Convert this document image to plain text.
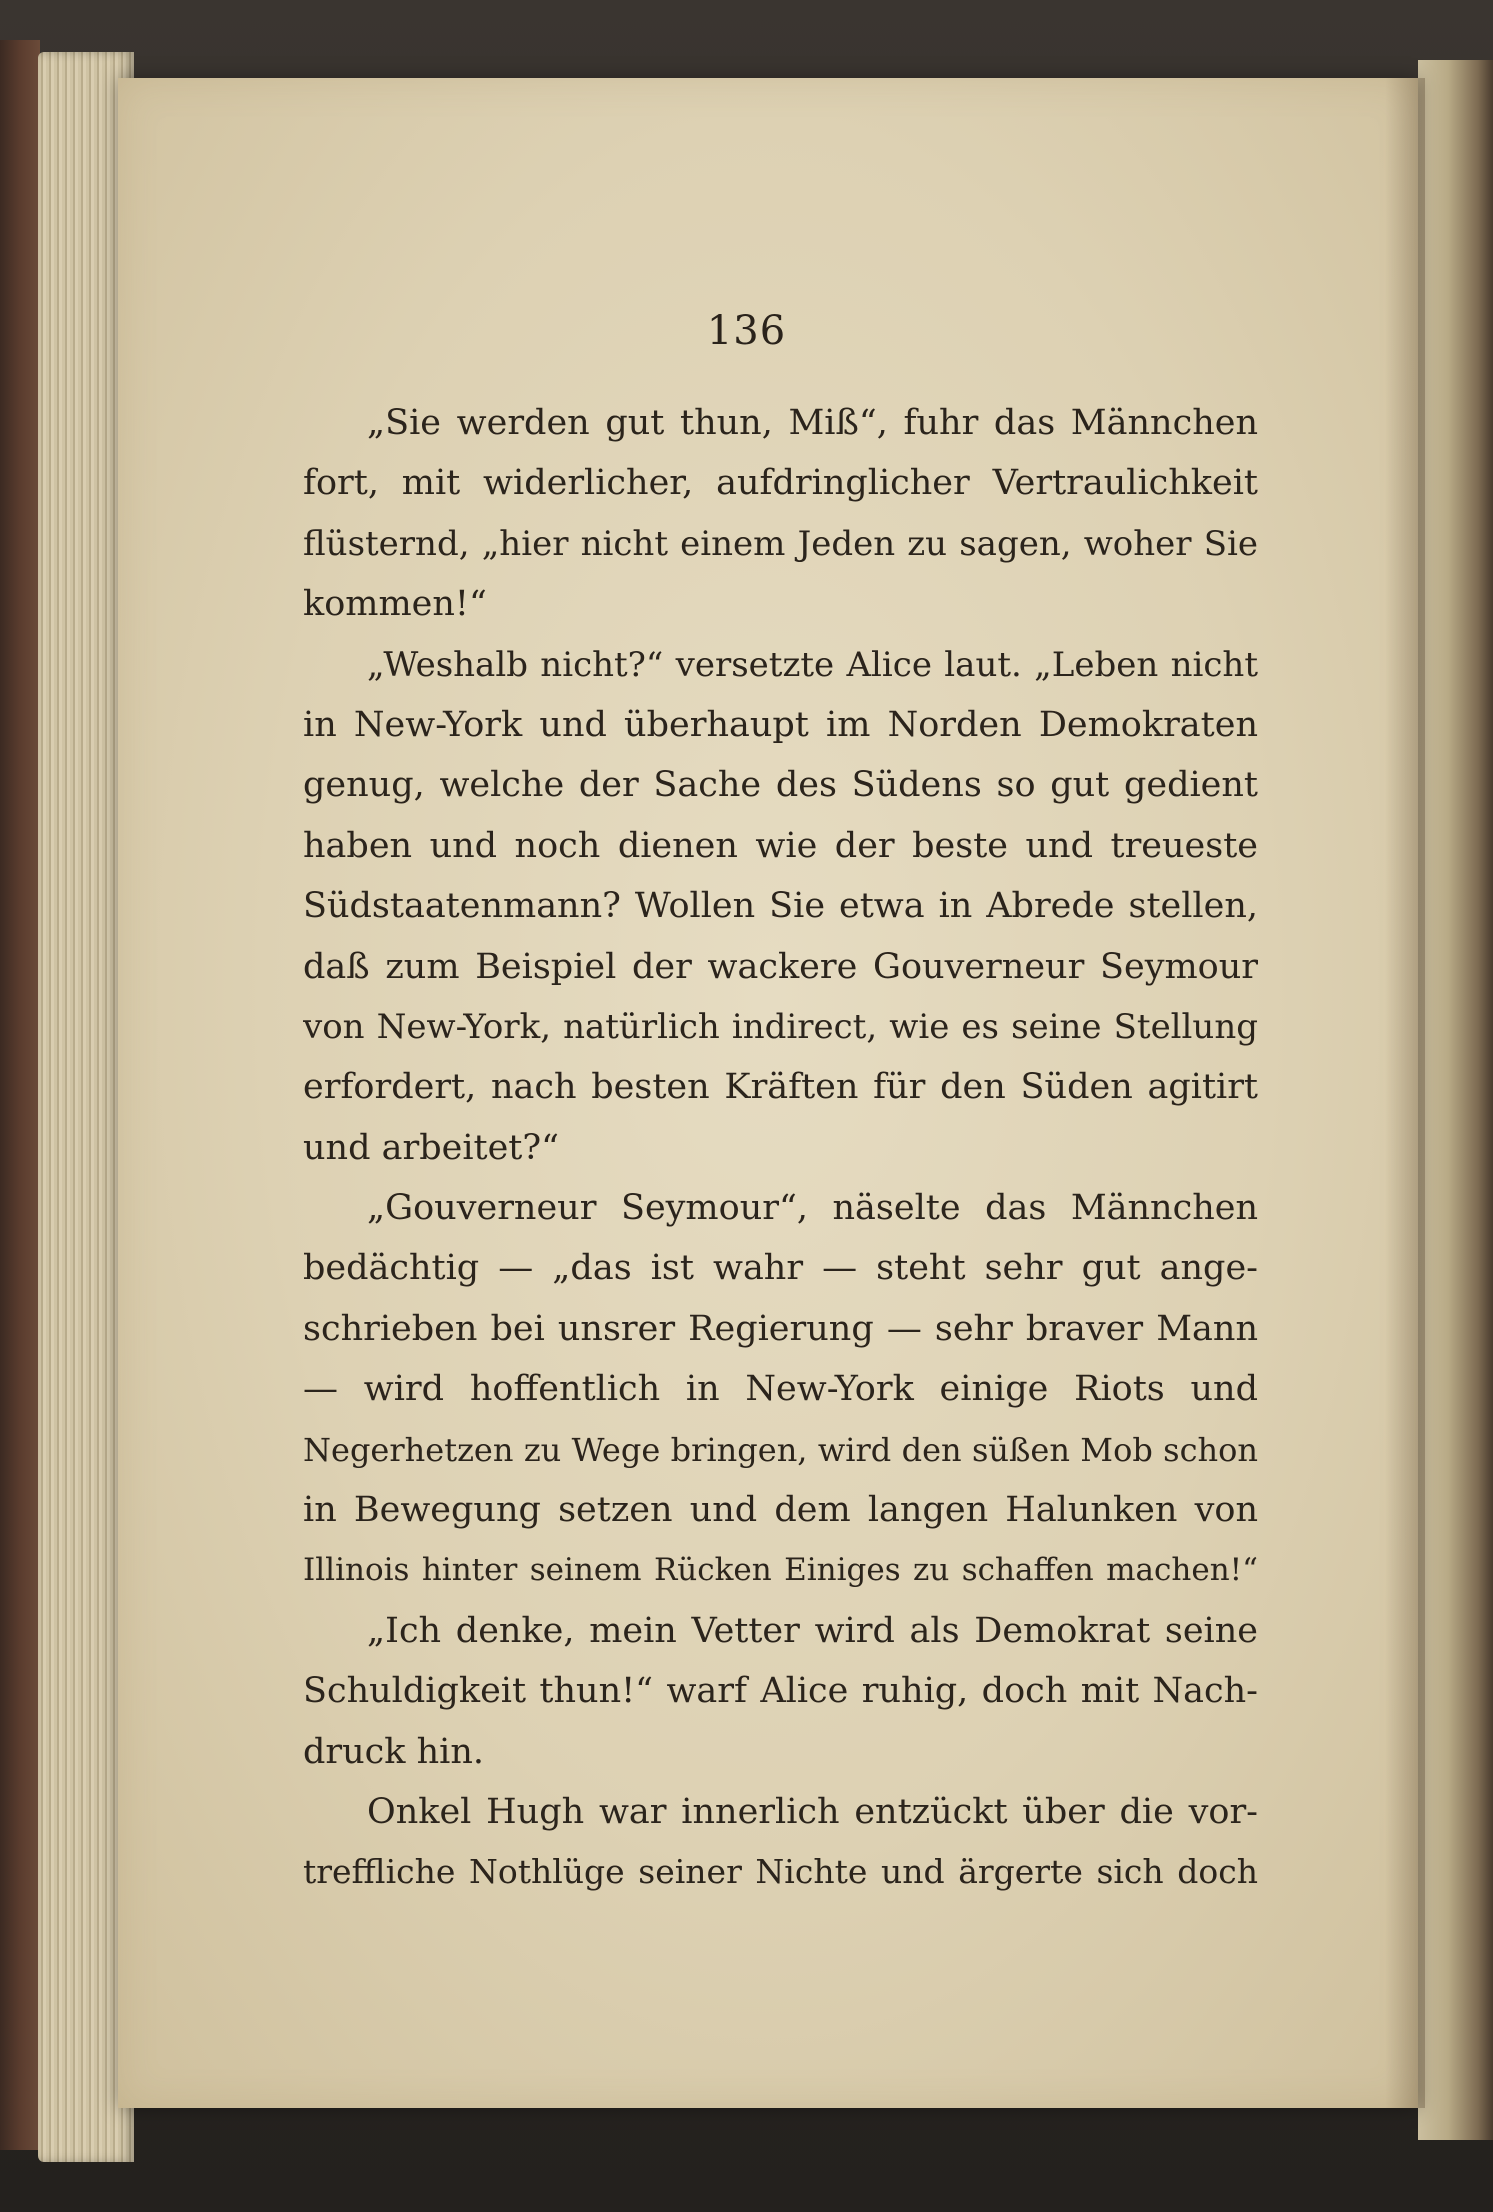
136
„Sie werden gut thun, Miß“, fuhr das Männchen
fort, mit widerlicher, aufdringlicher Vertraulichkeit
flüsternd, „hier nicht einem Jeden zu sagen, woher Sie
kommen!“
„Weshalb nicht?“ versetzte Alice laut. „Leben nicht
in New-York und überhaupt im Norden Demokraten
genug, welche der Sache des Südens so gut gedient
haben und noch dienen wie der beste und treueste
Südstaatenmann? Wollen Sie etwa in Abrede stellen,
daß zum Beispiel der wackere Gouverneur Seymour
von New-York, natürlich indirect, wie es seine Stellung
erfordert, nach besten Kräften für den Süden agitirt
und arbeitet?“
„Gouverneur Seymour“, näselte das Männchen
bedächtig — „das ist wahr — steht sehr gut ange-
schrieben bei unsrer Regierung — sehr braver Mann
— wird hoffentlich in New-York einige Riots und
Negerhetzen zu Wege bringen, wird den süßen Mob schon
in Bewegung setzen und dem langen Halunken von
Illinois hinter seinem Rücken Einiges zu schaffen machen!“
„Ich denke, mein Vetter wird als Demokrat seine
Schuldigkeit thun!“ warf Alice ruhig, doch mit Nach-
druck hin.
Onkel Hugh war innerlich entzückt über die vor-
treffliche Nothlüge seiner Nichte und ärgerte sich doch
